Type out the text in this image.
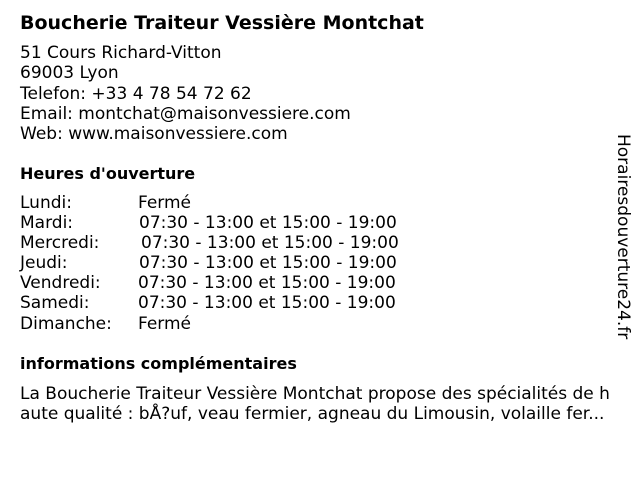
Boucherie Traiteur Vessière Montchat
51 Cours Richard-Vitton
69003 Lyon
Telefon: +33 4 78 54 72 62
Email: montchat@maisonvessiere.com
Web: www.maisonvessiere.com
Heures d'ouverture
Lundi:	Fermé
Mardi:	07:30 - 13:00 et 15:00 - 19:00
Mercredi: 07:30 - 13:00 et 15:00 - 19:00
Jeudi:	07:30 - 13:00 et 15:00 - 19:00
Vendredi: 07:30 - 13:00 et 15:00 - 19:00
Samedi:	07:30 - 13:00 et 15:00 - 19:00
Dimanche: Fermé
informations complémentaires
La Boucherie Traiteur Vessière Montchat propose des spécialités de haute qualité : bÅ?uf, veau fermier, agneau du Limousin, volaille fer...
Horairesdouverture24.fr
